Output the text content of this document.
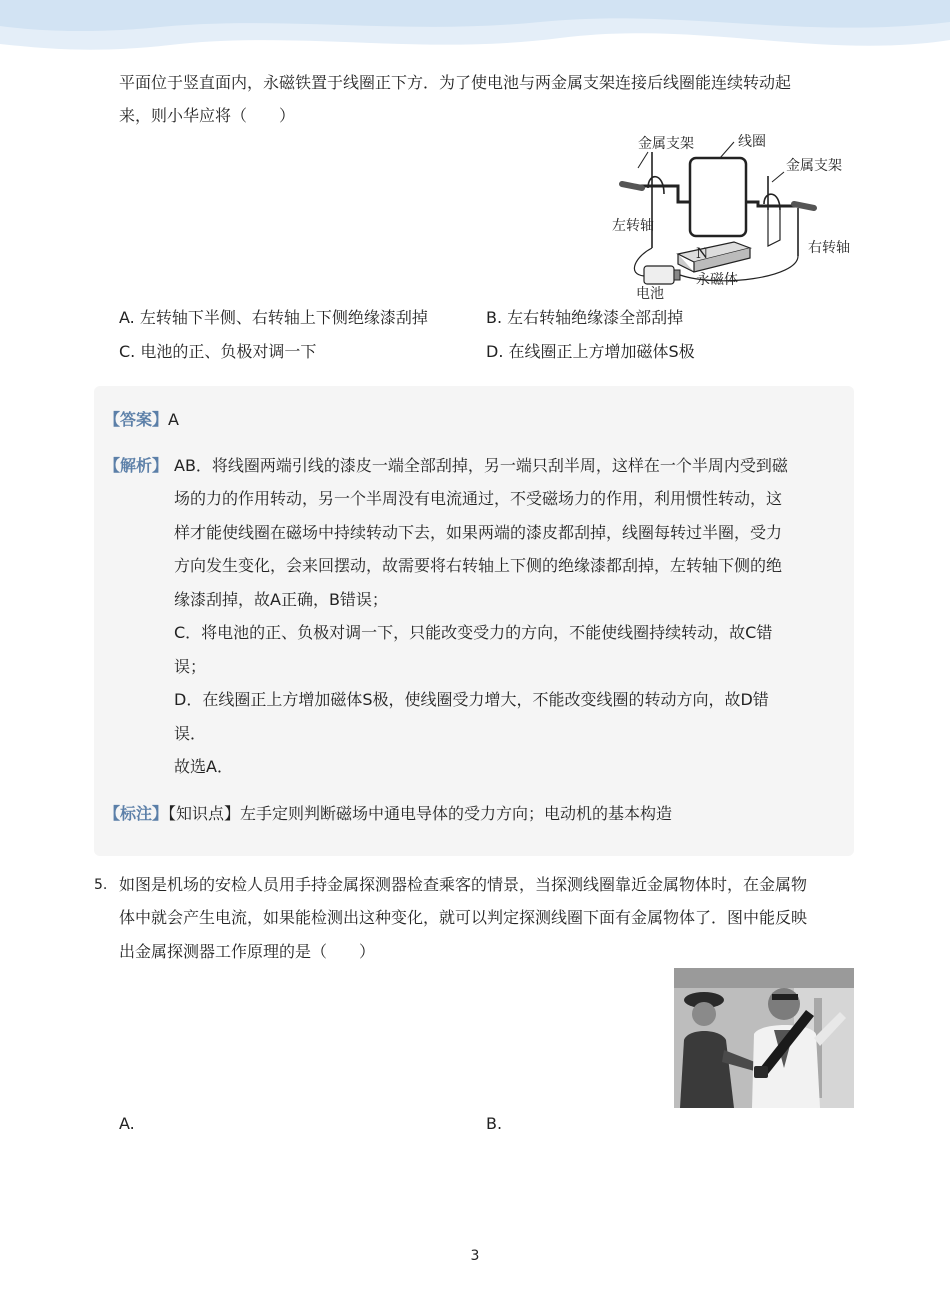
平面位于竖直面内，永磁铁置于线圈正下方．为了使电池与两金属支架连接后线圈能连续转动起
来，则小华应将（　　）
金属支架	线圈
金属支架
左转轴
右转轴
N
永磁体
电池
A. 左转轴下半侧、右转轴上下侧绝缘漆刮掉	B. 左右转轴绝缘漆全部刮掉
C. 电池的正、负极对调一下	D. 在线圈正上方增加磁体S极
【答案】A
【解析】 AB．将线圈两端引线的漆皮一端全部刮掉，另一端只刮半周，这样在一个半周内受到磁
场的力的作用转动，另一个半周没有电流通过，不受磁场力的作用，利用惯性转动，这
样才能使线圈在磁场中持续转动下去，如果两端的漆皮都刮掉，线圈每转过半圈，受力
方向发生变化，会来回摆动，故需要将右转轴上下侧的绝缘漆都刮掉，左转轴下侧的绝
缘漆刮掉，故A正确，B错误；
C．将电池的正、负极对调一下，只能改变受力的方向，不能使线圈持续转动，故C错
误；
D．在线圈正上方增加磁体S极，使线圈受力增大，不能改变线圈的转动方向，故D错
误．
故选A．
【标注】【知识点】左手定则判断磁场中通电导体的受力方向；电动机的基本构造
5. 如图是机场的安检人员用手持金属探测器检查乘客的情景，当探测线圈靠近金属物体时，在金属物
体中就会产生电流，如果能检测出这种变化，就可以判定探测线圈下面有金属物体了．图中能反映
出金属探测器工作原理的是（　　）
A.	B.
3
